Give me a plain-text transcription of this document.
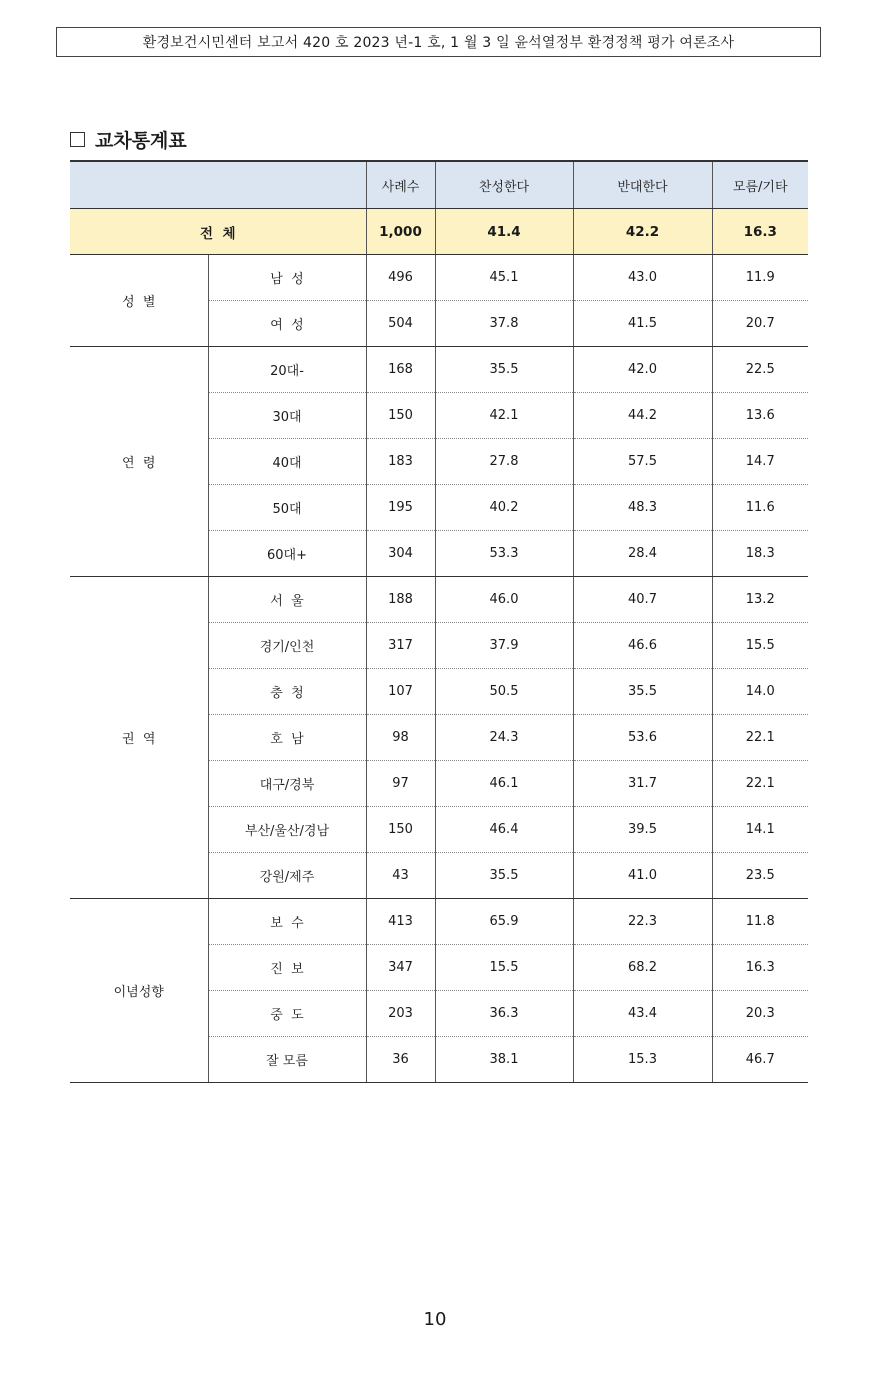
환경보건시민센터 보고서 420 호 2023 년-1 호, 1 월 3 일 윤석열정부 환경정책 평가 여론조사
교차통계표
		사례수	찬성한다	반대한다	모름/기타
전  체		1,000	41.4	42.2	16.3
성  별	남  성	496	45.1	43.0	11.9
	여  성	504	37.8	41.5	20.7
연  령	20대-	168	35.5	42.0	22.5
	30대	150	42.1	44.2	13.6
	40대	183	27.8	57.5	14.7
	50대	195	40.2	48.3	11.6
	60대+	304	53.3	28.4	18.3
권  역	서  울	188	46.0	40.7	13.2
	경기/인천	317	37.9	46.6	15.5
	충  청	107	50.5	35.5	14.0
	호  남	98	24.3	53.6	22.1
	대구/경북	97	46.1	31.7	22.1
	부산/울산/경남	150	46.4	39.5	14.1
	강원/제주	43	35.5	41.0	23.5
이념성향	보  수	413	65.9	22.3	11.8
	진  보	347	15.5	68.2	16.3
	중  도	203	36.3	43.4	20.3
	잘 모름	36	38.1	15.3	46.7
10
